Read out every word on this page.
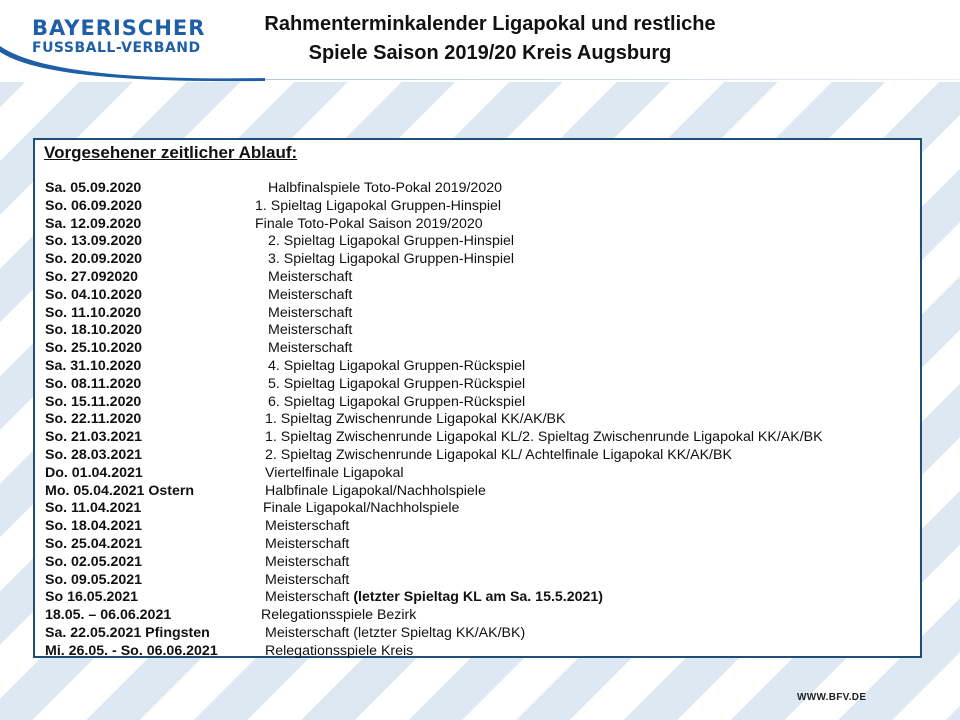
BAYERISCHER
FUSSBALL-VERBAND
Rahmenterminkalender Ligapokal und restliche
Spiele Saison 2019/20 Kreis Augsburg
Vorgesehener zeitlicher Ablauf:
Sa. 05.09.2020	Halbfinalspiele Toto-Pokal 2019/2020
So. 06.09.2020	1. Spieltag Ligapokal Gruppen-Hinspiel
Sa. 12.09.2020	Finale Toto-Pokal Saison 2019/2020
So. 13.09.2020	2. Spieltag Ligapokal Gruppen-Hinspiel
So. 20.09.2020	3. Spieltag Ligapokal Gruppen-Hinspiel
So. 27.092020	Meisterschaft
So. 04.10.2020	Meisterschaft
So. 11.10.2020	Meisterschaft
So. 18.10.2020	Meisterschaft
So. 25.10.2020	Meisterschaft
Sa. 31.10.2020	4. Spieltag Ligapokal Gruppen-Rückspiel
So. 08.11.2020	5. Spieltag Ligapokal Gruppen-Rückspiel
So. 15.11.2020	6. Spieltag Ligapokal Gruppen-Rückspiel
So. 22.11.2020	1. Spieltag Zwischenrunde Ligapokal KK/AK/BK
So. 21.03.2021	1. Spieltag Zwischenrunde Ligapokal KL/2. Spieltag Zwischenrunde Ligapokal KK/AK/BK
So. 28.03.2021	2. Spieltag Zwischenrunde Ligapokal KL/ Achtelfinale Ligapokal KK/AK/BK
Do. 01.04.2021	Viertelfinale Ligapokal
Mo. 05.04.2021 Ostern	Halbfinale Ligapokal/Nachholspiele
So. 11.04.2021	Finale Ligapokal/Nachholspiele
So. 18.04.2021	Meisterschaft
So. 25.04.2021	Meisterschaft
So. 02.05.2021	Meisterschaft
So. 09.05.2021	Meisterschaft
So 16.05.2021	Meisterschaft (letzter Spieltag KL am Sa. 15.5.2021)
18.05. – 06.06.2021	Relegationsspiele Bezirk
Sa. 22.05.2021 Pfingsten	Meisterschaft (letzter Spieltag KK/AK/BK)
Mi. 26.05. - So. 06.06.2021	Relegationsspiele Kreis
WWW.BFV.DE
